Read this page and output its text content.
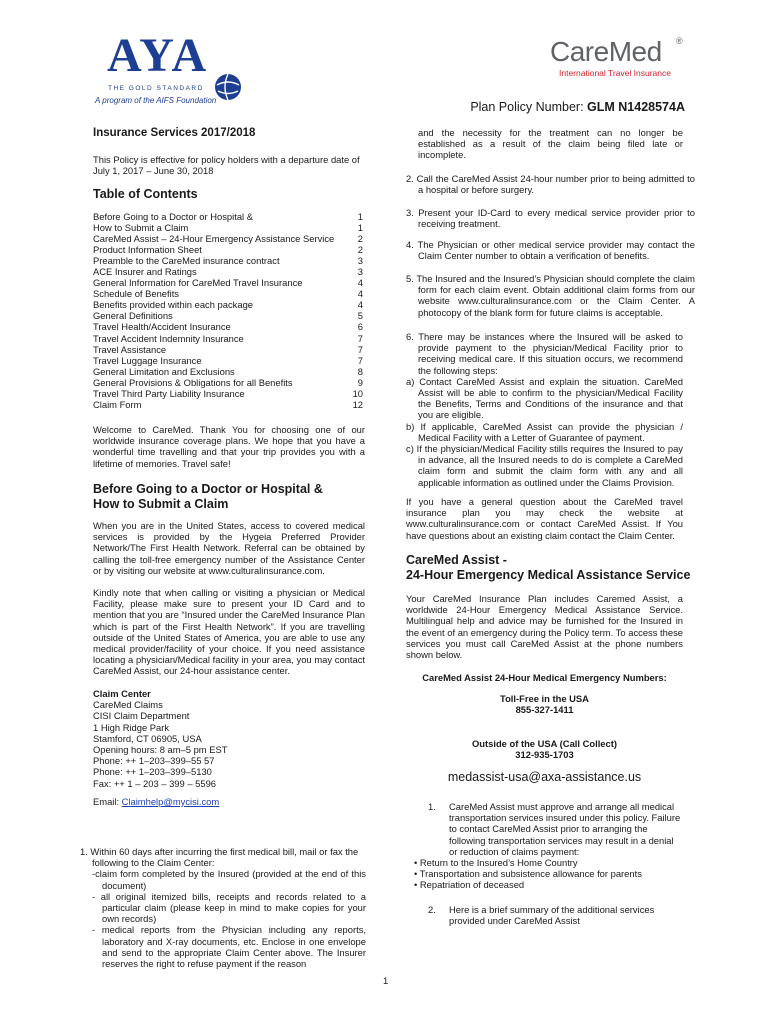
AYA
THE GOLD STANDARD
A program of the AIFS Foundation
CareMed ®
International Travel Insurance
Plan Policy Number: GLM N1428574A
Insurance Services 2017/2018
This Policy is effective for policy holders with a departure date of July 1, 2017 – June 30, 2018
Table of Contents
Before Going to a Doctor or Hospital &	1
How to Submit a Claim	1
CareMed Assist – 24-Hour Emergency Assistance Service	2
Product Information Sheet	2
Preamble to the CareMed insurance contract	3
ACE Insurer and Ratings	3
General Information for CareMed Travel Insurance	4
Schedule of Benefits	4
Benefits provided within each package	4
General Definitions	5
Travel Health/Accident Insurance	6
Travel Accident Indemnity Insurance	7
Travel Assistance	7
Travel Luggage Insurance	7
General Limitation and Exclusions	8
General Provisions & Obligations for all Benefits	9
Travel Third Party Liability Insurance	10
Claim Form	12
Welcome to CareMed. Thank You for choosing one of our worldwide insurance coverage plans. We hope that you have a wonderful time travelling and that your trip provides you with a lifetime of memories. Travel safe!
Before Going to a Doctor or Hospital &
How to Submit a Claim
When you are in the United States, access to covered medical services is provided by the Hygeia Preferred Provider Network/The First Health Network. Referral can be obtained by calling the toll-free emergency number of the Assistance Center or by visiting our website at www.culturalinsurance.com.
Kindly note that when calling or visiting a physician or Medical Facility, please make sure to present your ID Card and to mention that you are “Insured under the CareMed Insurance Plan which is part of the First Health Network”. If you are travelling outside of the United States of America, you are able to use any medical provider/facility of your choice. If you need assistance locating a physician/Medical facility in your area, you may contact CareMed Assist, our 24-hour assistance center.
Claim Center
CareMed Claims
CISI Claim Department
1 High Ridge Park
Stamford, CT 06905, USA
Opening hours: 8 am–5 pm EST
Phone: ++ 1–203–399–55 57
Phone: ++ 1–203–399–5130
Fax: ++ 1 – 203 – 399 – 5596
Email: Claimhelp@mycisi.com
1. Within 60 days after incurring the first medical bill, mail or fax the following to the Claim Center:
-claim form completed by the Insured (provided at the end of this document)
- all original itemized bills, receipts and records related to a particular claim (please keep in mind to make copies for your own records)
- medical reports from the Physician including any reports, laboratory and X-ray documents, etc. Enclose in one envelope and send to the appropriate Claim Center above. The Insurer reserves the right to refuse payment if the reason
and the necessity for the treatment can no longer be established as a result of the claim being filed late or incomplete.
2. Call the CareMed Assist 24-hour number prior to being admitted to a hospital or before surgery.
3. Present your ID-Card to every medical service provider prior to receiving treatment.
4. The Physician or other medical service provider may contact the Claim Center number to obtain a verification of benefits.
5. The Insured and the Insured’s Physician should complete the claim form for each claim event. Obtain additional claim forms from our website www.culturalinsurance.com or the Claim Center. A photocopy of the blank form for future claims is acceptable.
6. There may be instances where the Insured will be asked to provide payment to the physician/Medical Facility prior to receiving medical care. If this situation occurs, we recommend the following steps:
a) Contact CareMed Assist and explain the situation. CareMed Assist will be able to confirm to the physician/Medical Facility the Benefits, Terms and Conditions of the insurance and that you are eligible.
b) If applicable, CareMed Assist can provide the physician / Medical Facility with a Letter of Guarantee of payment.
c) If the physician/Medical Facility stills requires the Insured to pay in advance, all the Insured needs to do is complete a CareMed claim form and submit the claim form with any and all applicable information as outlined under the Claims Provision.
If you have a general question about the CareMed travel insurance plan you may check the website at www.culturalinsurance.com or contact CareMed Assist. If You have questions about an existing claim contact the Claim Center.
CareMed Assist -
24-Hour Emergency Medical Assistance Service
Your CareMed Insurance Plan includes Caremed Assist, a worldwide 24-Hour Emergency Medical Assistance Service. Multilingual help and advice may be furnished for the Insured in the event of an emergency during the Policy term. To access these services you must call CareMed Assist at the phone numbers shown below.
CareMed Assist 24-Hour Medical Emergency Numbers:
Toll-Free in the USA
855-327-1411
Outside of the USA (Call Collect)
312-935-1703
medassist-usa@axa-assistance.us
1. CareMed Assist must approve and arrange all medical transportation services insured under this policy. Failure to contact CareMed Assist prior to arranging the following transportation services may result in a denial or reduction of claims payment:
• Return to the Insured’s Home Country
• Transportation and subsistence allowance for parents
• Repatriation of deceased
2. Here is a brief summary of the additional services provided under CareMed Assist
1
